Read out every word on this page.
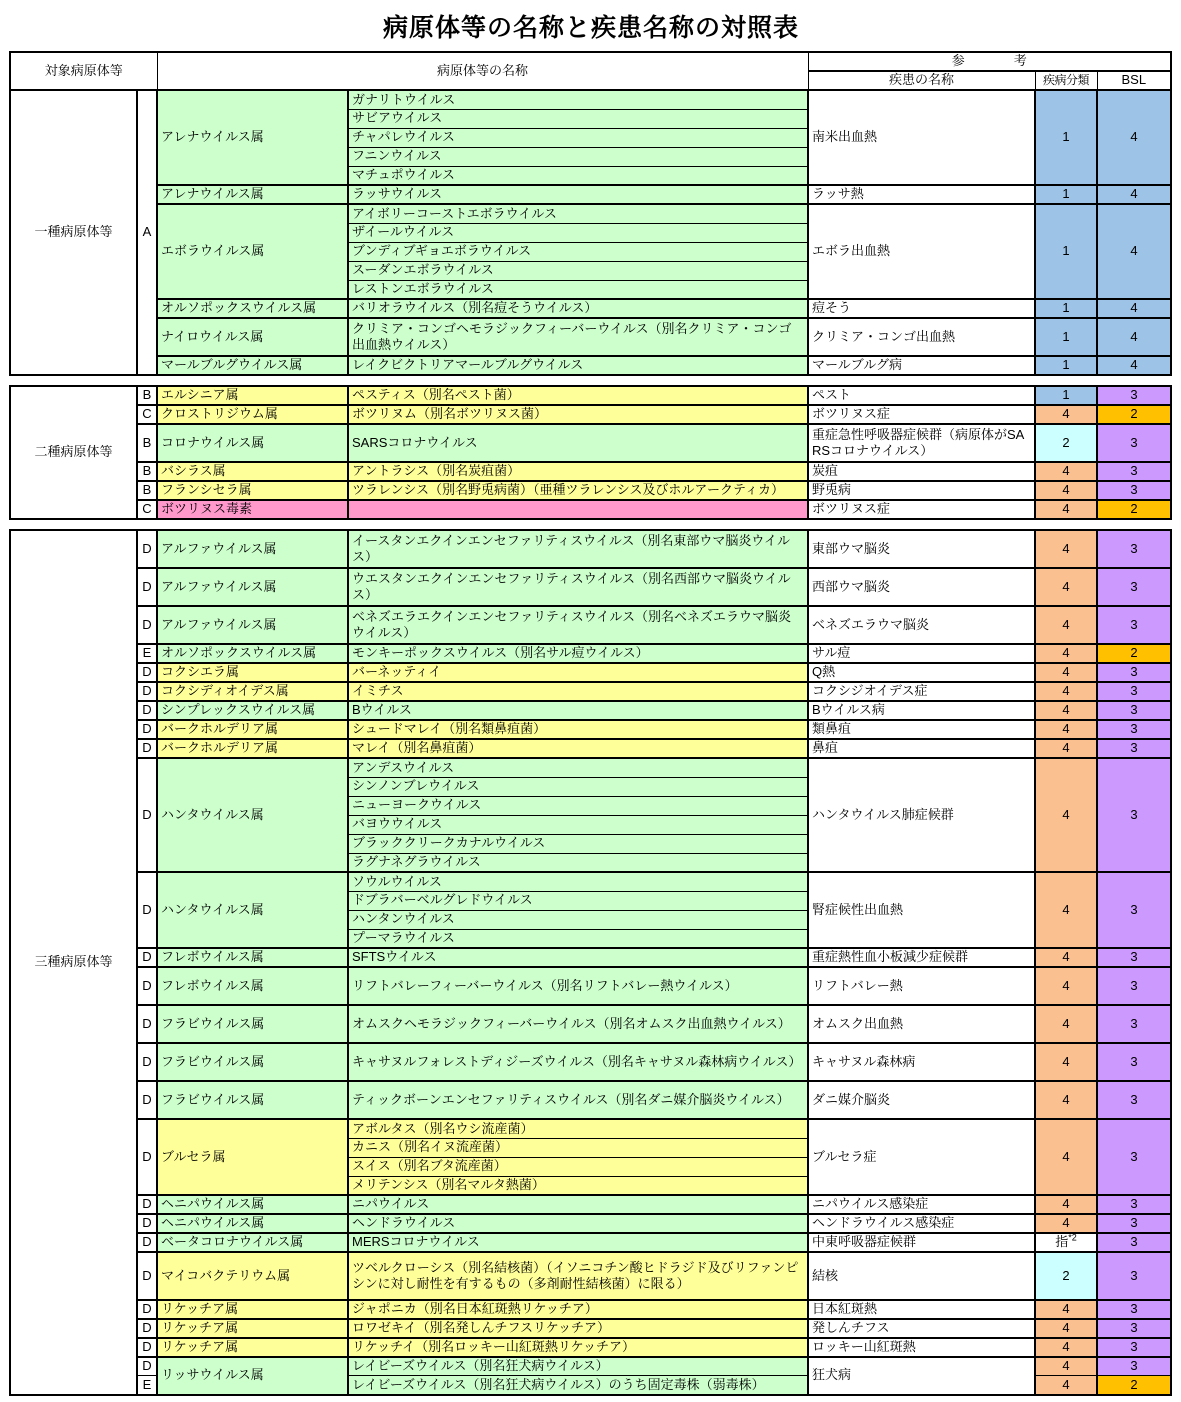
病原体等の名称と疾患名称の対照表
対象病原体等		病原体等の名称		参　考		
				疾患の名称	疾病分類	BSL
一種病原体等	A	アレナウイルス属	ガナリトウイルス	南米出血熱	1	4
			サビアウイルス			
			チャパレウイルス			
			フニンウイルス			
			マチュポウイルス			
		アレナウイルス属	ラッサウイルス	ラッサ熱	1	4
		エボラウイルス属	アイボリーコーストエボラウイルス	エボラ出血熱	1	4
			ザイールウイルス			
			ブンディブギョエボラウイルス			
			スーダンエボラウイルス			
			レストンエボラウイルス			
		オルソポックスウイルス属	バリオラウイルス（別名痘そうウイルス）	痘そう	1	4
		ナイロウイルス属	クリミア・コンゴヘモラジックフィーバーウイルス（別名クリミア・コンゴ出血熱ウイルス）	クリミア・コンゴ出血熱	1	4
		マールブルグウイルス属	レイクビクトリアマールブルグウイルス	マールブルグ病	1	4
二種病原体等	B	エルシニア属	ペスティス（別名ペスト菌）	ペスト	1	3
	C	クロストリジウム属	ボツリヌム（別名ボツリヌス菌）	ボツリヌス症	4	2
	B	コロナウイルス属	SARSコロナウイルス	重症急性呼吸器症候群（病原体がSARSコロナウイルス）	2	3
	B	バシラス属	アントラシス（別名炭疽菌）	炭疽	4	3
	B	フランシセラ属	ツラレンシス（別名野兎病菌）（亜種ツラレンシス及びホルアークティカ）	野兎病	4	3
	C	ボツリヌス毒素		ボツリヌス症	4	2
三種病原体等	D	アルファウイルス属	イースタンエクインエンセファリティスウイルス（別名東部ウマ脳炎ウイルス）	東部ウマ脳炎	4	3
	D	アルファウイルス属	ウエスタンエクインエンセファリティスウイルス（別名西部ウマ脳炎ウイルス）	西部ウマ脳炎	4	3
	D	アルファウイルス属	ベネズエラエクインエンセファリティスウイルス（別名ベネズエラウマ脳炎ウイルス）	ベネズエラウマ脳炎	4	3
	E	オルソポックスウイルス属	モンキーポックスウイルス（別名サル痘ウイルス）	サル痘	4	2
	D	コクシエラ属	バーネッティイ	Q熱	4	3
	D	コクシディオイデス属	イミチス	コクシジオイデス症	4	3
	D	シンプレックスウイルス属	Bウイルス	Bウイルス病	4	3
	D	バークホルデリア属	シュードマレイ（別名類鼻疽菌）	類鼻疽	4	3
	D	バークホルデリア属	マレイ（別名鼻疽菌）	鼻疽	4	3
	D	ハンタウイルス属	アンデスウイルス	ハンタウイルス肺症候群	4	3
			シンノンブレウイルス			
			ニューヨークウイルス			
			バヨウウイルス			
			ブラッククリークカナルウイルス			
			ラグナネグラウイルス			
	D	ハンタウイルス属	ソウルウイルス	腎症候性出血熱	4	3
			ドブラバーベルグレドウイルス			
			ハンタンウイルス			
			プーマラウイルス			
	D	フレボウイルス属	SFTSウイルス	重症熱性血小板減少症候群	4	3
	D	フレボウイルス属	リフトバレーフィーバーウイルス（別名リフトバレー熱ウイルス）	リフトバレー熱	4	3
	D	フラビウイルス属	オムスクヘモラジックフィーバーウイルス（別名オムスク出血熱ウイルス）	オムスク出血熱	4	3
	D	フラビウイルス属	キャサヌルフォレストディジーズウイルス（別名キャサヌル森林病ウイルス）	キャサヌル森林病	4	3
	D	フラビウイルス属	ティックボーンエンセファリティスウイルス（別名ダニ媒介脳炎ウイルス）	ダニ媒介脳炎	4	3
	D	ブルセラ属	アボルタス（別名ウシ流産菌）	ブルセラ症	4	3
			カニス（別名イヌ流産菌）			
			スイス（別名ブタ流産菌）			
			メリテンシス（別名マルタ熱菌）			
	D	ヘニパウイルス属	ニパウイルス	ニパウイルス感染症	4	3
	D	ヘニパウイルス属	ヘンドラウイルス	ヘンドラウイルス感染症	4	3
	D	ベータコロナウイルス属	MERSコロナウイルス	中東呼吸器症候群	指$^{*2}$	3
	D	マイコバクテリウム属	ツベルクローシス（別名結核菌）（イソニコチン酸ヒドラジド及びリファンピシンに対し耐性を有するもの（多剤耐性結核菌）に限る）	結核	2	3
	D	リケッチア属	ジャポニカ（別名日本紅斑熱リケッチア）	日本紅斑熱	4	3
	D	リケッチア属	ロワゼキイ（別名発しんチフスリケッチア）	発しんチフス	4	3
	D	リケッチア属	リケッチイ（別名ロッキー山紅斑熱リケッチア）	ロッキー山紅斑熱	4	3
	D	リッサウイルス属	レイビーズウイルス（別名狂犬病ウイルス）	狂犬病	4	3
	E		レイビーズウイルス（別名狂犬病ウイルス）のうち固定毒株（弱毒株）		4	2
